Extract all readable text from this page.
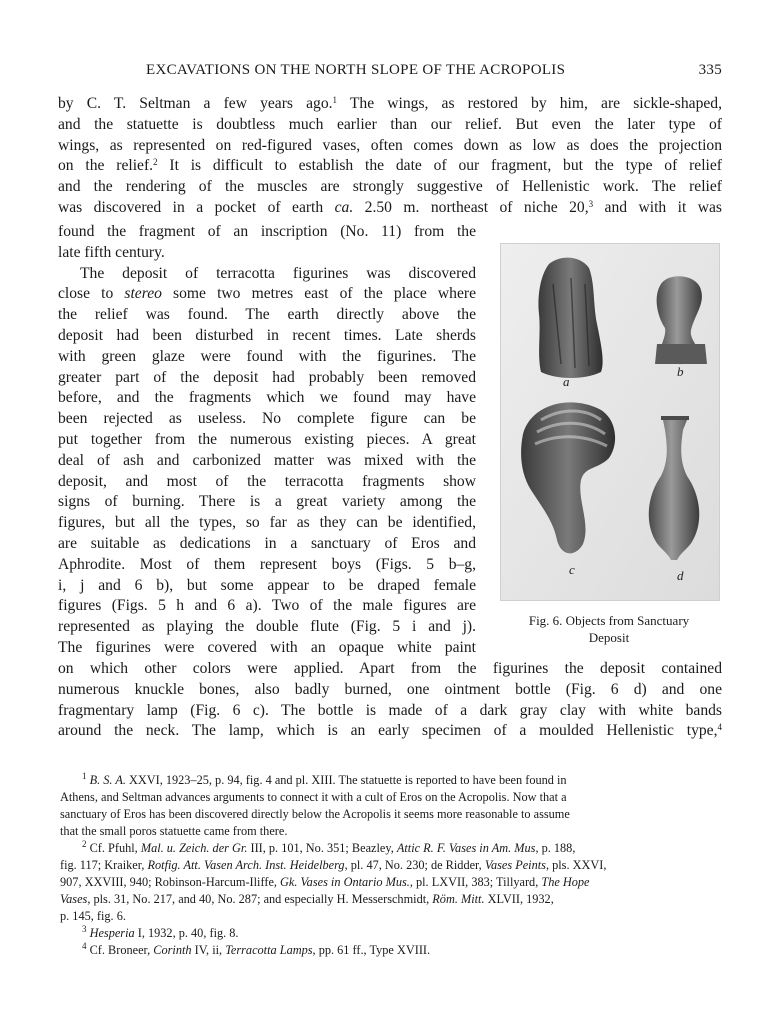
EXCAVATIONS ON THE NORTH SLOPE OF THE ACROPOLIS	335
by C. T. Seltman a few years ago.$^1$ The wings, as restored by him, are sickle-shaped,
and the statuette is doubtless much earlier than our relief. But even the later type of
wings, as represented on red-figured vases, often comes down as low as does the projection
on the relief.$^2$ It is difficult to establish the date of our fragment, but the type of relief
and the rendering of the muscles are strongly suggestive of Hellenistic work. The relief
was discovered in a pocket of earth ca. 2.50 m. northeast of niche 20,$^3$ and with it was
found the fragment of an inscription (No. 11) from the
late fifth century.
The deposit of terracotta figurines was discovered
close to stereo some two metres east of the place where
the relief was found. The earth directly above the
deposit had been disturbed in recent times. Late sherds
with green glaze were found with the figurines. The
greater part of the deposit had probably been removed
before, and the fragments which we found may have
been rejected as useless. No complete figure can be
put together from the numerous existing pieces. A great
deal of ash and carbonized matter was mixed with the
deposit, and most of the terracotta fragments show
signs of burning. There is a great variety among the
figures, but all the types, so far as they can be identified,
are suitable as dedications in a sanctuary of Eros and
Aphrodite. Most of them represent boys (Figs. 5 b–g,
i, j and 6 b), but some appear to be draped female
figures (Figs. 5 h and 6 a). Two of the male figures are
represented as playing the double flute (Fig. 5 i and j).
The figurines were covered with an opaque white paint
a
b
c	d
Fig. 6. Objects from Sanctuary
Deposit
on which other colors were applied. Apart from the figurines the deposit contained
numerous knuckle bones, also badly burned, one ointment bottle (Fig. 6 d) and one
fragmentary lamp (Fig. 6 c). The bottle is made of a dark gray clay with white bands
around the neck. The lamp, which is an early specimen of a moulded Hellenistic type,$^4$
$^1$ B. S. A. XXVI, 1923–25, p. 94, fig. 4 and pl. XIII. The statuette is reported to have been found in
Athens, and Seltman advances arguments to connect it with a cult of Eros on the Acropolis. Now that a
sanctuary of Eros has been discovered directly below the Acropolis it seems more reasonable to assume
that the small poros statuette came from there.
$^2$ Cf. Pfuhl, Mal. u. Zeich. der Gr. III, p. 101, No. 351; Beazley, Attic R. F. Vases in Am. Mus, p. 188,
fig. 117; Kraiker, Rotfig. Att. Vasen Arch. Inst. Heidelberg, pl. 47, No. 230; de Ridder, Vases Peints, pls. XXVI,
907, XXVIII, 940; Robinson-Harcum-Iliffe, Gk. Vases in Ontario Mus., pl. LXVII, 383; Tillyard, The Hope
Vases, pls. 31, No. 217, and 40, No. 287; and especially H. Messerschmidt, Röm. Mitt. XLVII, 1932,
p. 145, fig. 6.
$^3$ Hesperia I, 1932, p. 40, fig. 8.
$^4$ Cf. Broneer, Corinth IV, ii, Terracotta Lamps, pp. 61 ff., Type XVIII.
